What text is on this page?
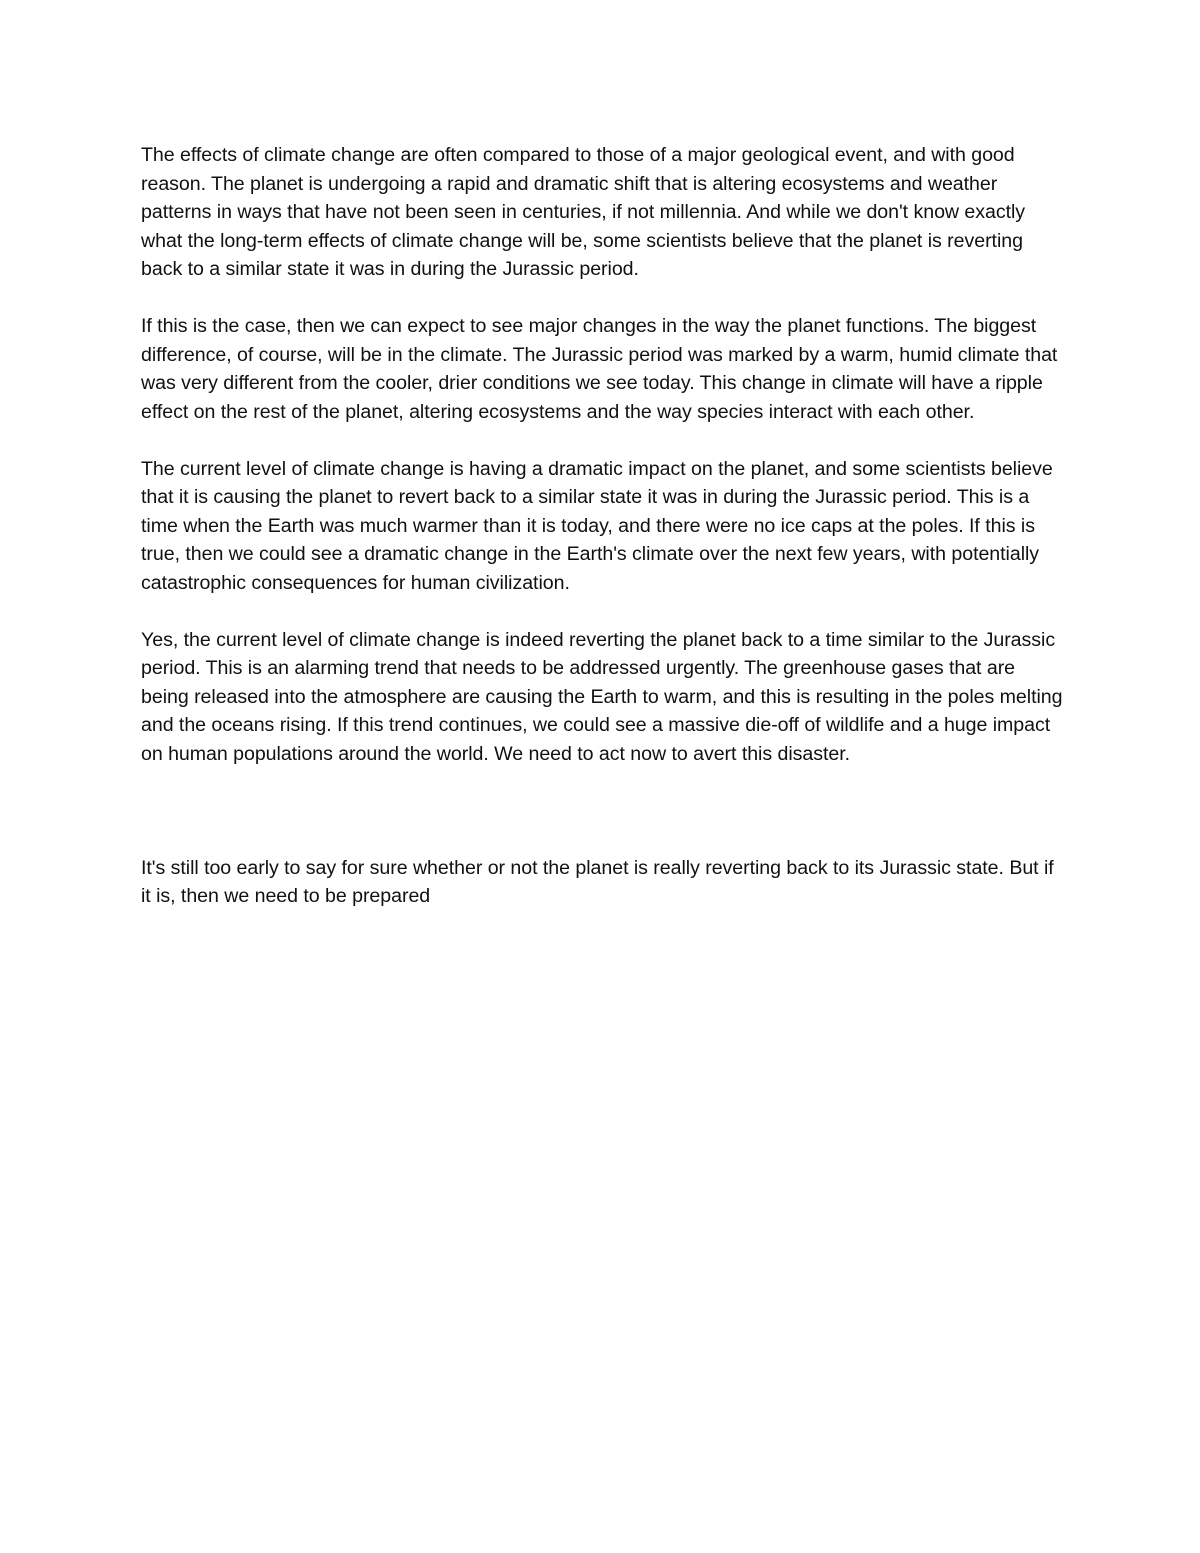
The effects of climate change are often compared to those of a major geological event, and with good reason. The planet is undergoing a rapid and dramatic shift that is altering ecosystems and weather patterns in ways that have not been seen in centuries, if not millennia. And while we don't know exactly what the long-term effects of climate change will be, some scientists believe that the planet is reverting back to a similar state it was in during the Jurassic period.

If this is the case, then we can expect to see major changes in the way the planet functions. The biggest difference, of course, will be in the climate. The Jurassic period was marked by a warm, humid climate that was very different from the cooler, drier conditions we see today. This change in climate will have a ripple effect on the rest of the planet, altering ecosystems and the way species interact with each other.

The current level of climate change is having a dramatic impact on the planet, and some scientists believe that it is causing the planet to revert back to a similar state it was in during the Jurassic period. This is a time when the Earth was much warmer than it is today, and there were no ice caps at the poles. If this is true, then we could see a dramatic change in the Earth's climate over the next few years, with potentially catastrophic consequences for human civilization.

Yes, the current level of climate change is indeed reverting the planet back to a time similar to the Jurassic period. This is an alarming trend that needs to be addressed urgently. The greenhouse gases that are being released into the atmosphere are causing the Earth to warm, and this is resulting in the poles melting and the oceans rising. If this trend continues, we could see a massive die-off of wildlife and a huge impact on human populations around the world. We need to act now to avert this disaster.

It's still too early to say for sure whether or not the planet is really reverting back to its Jurassic state. But if it is, then we need to be prepared
